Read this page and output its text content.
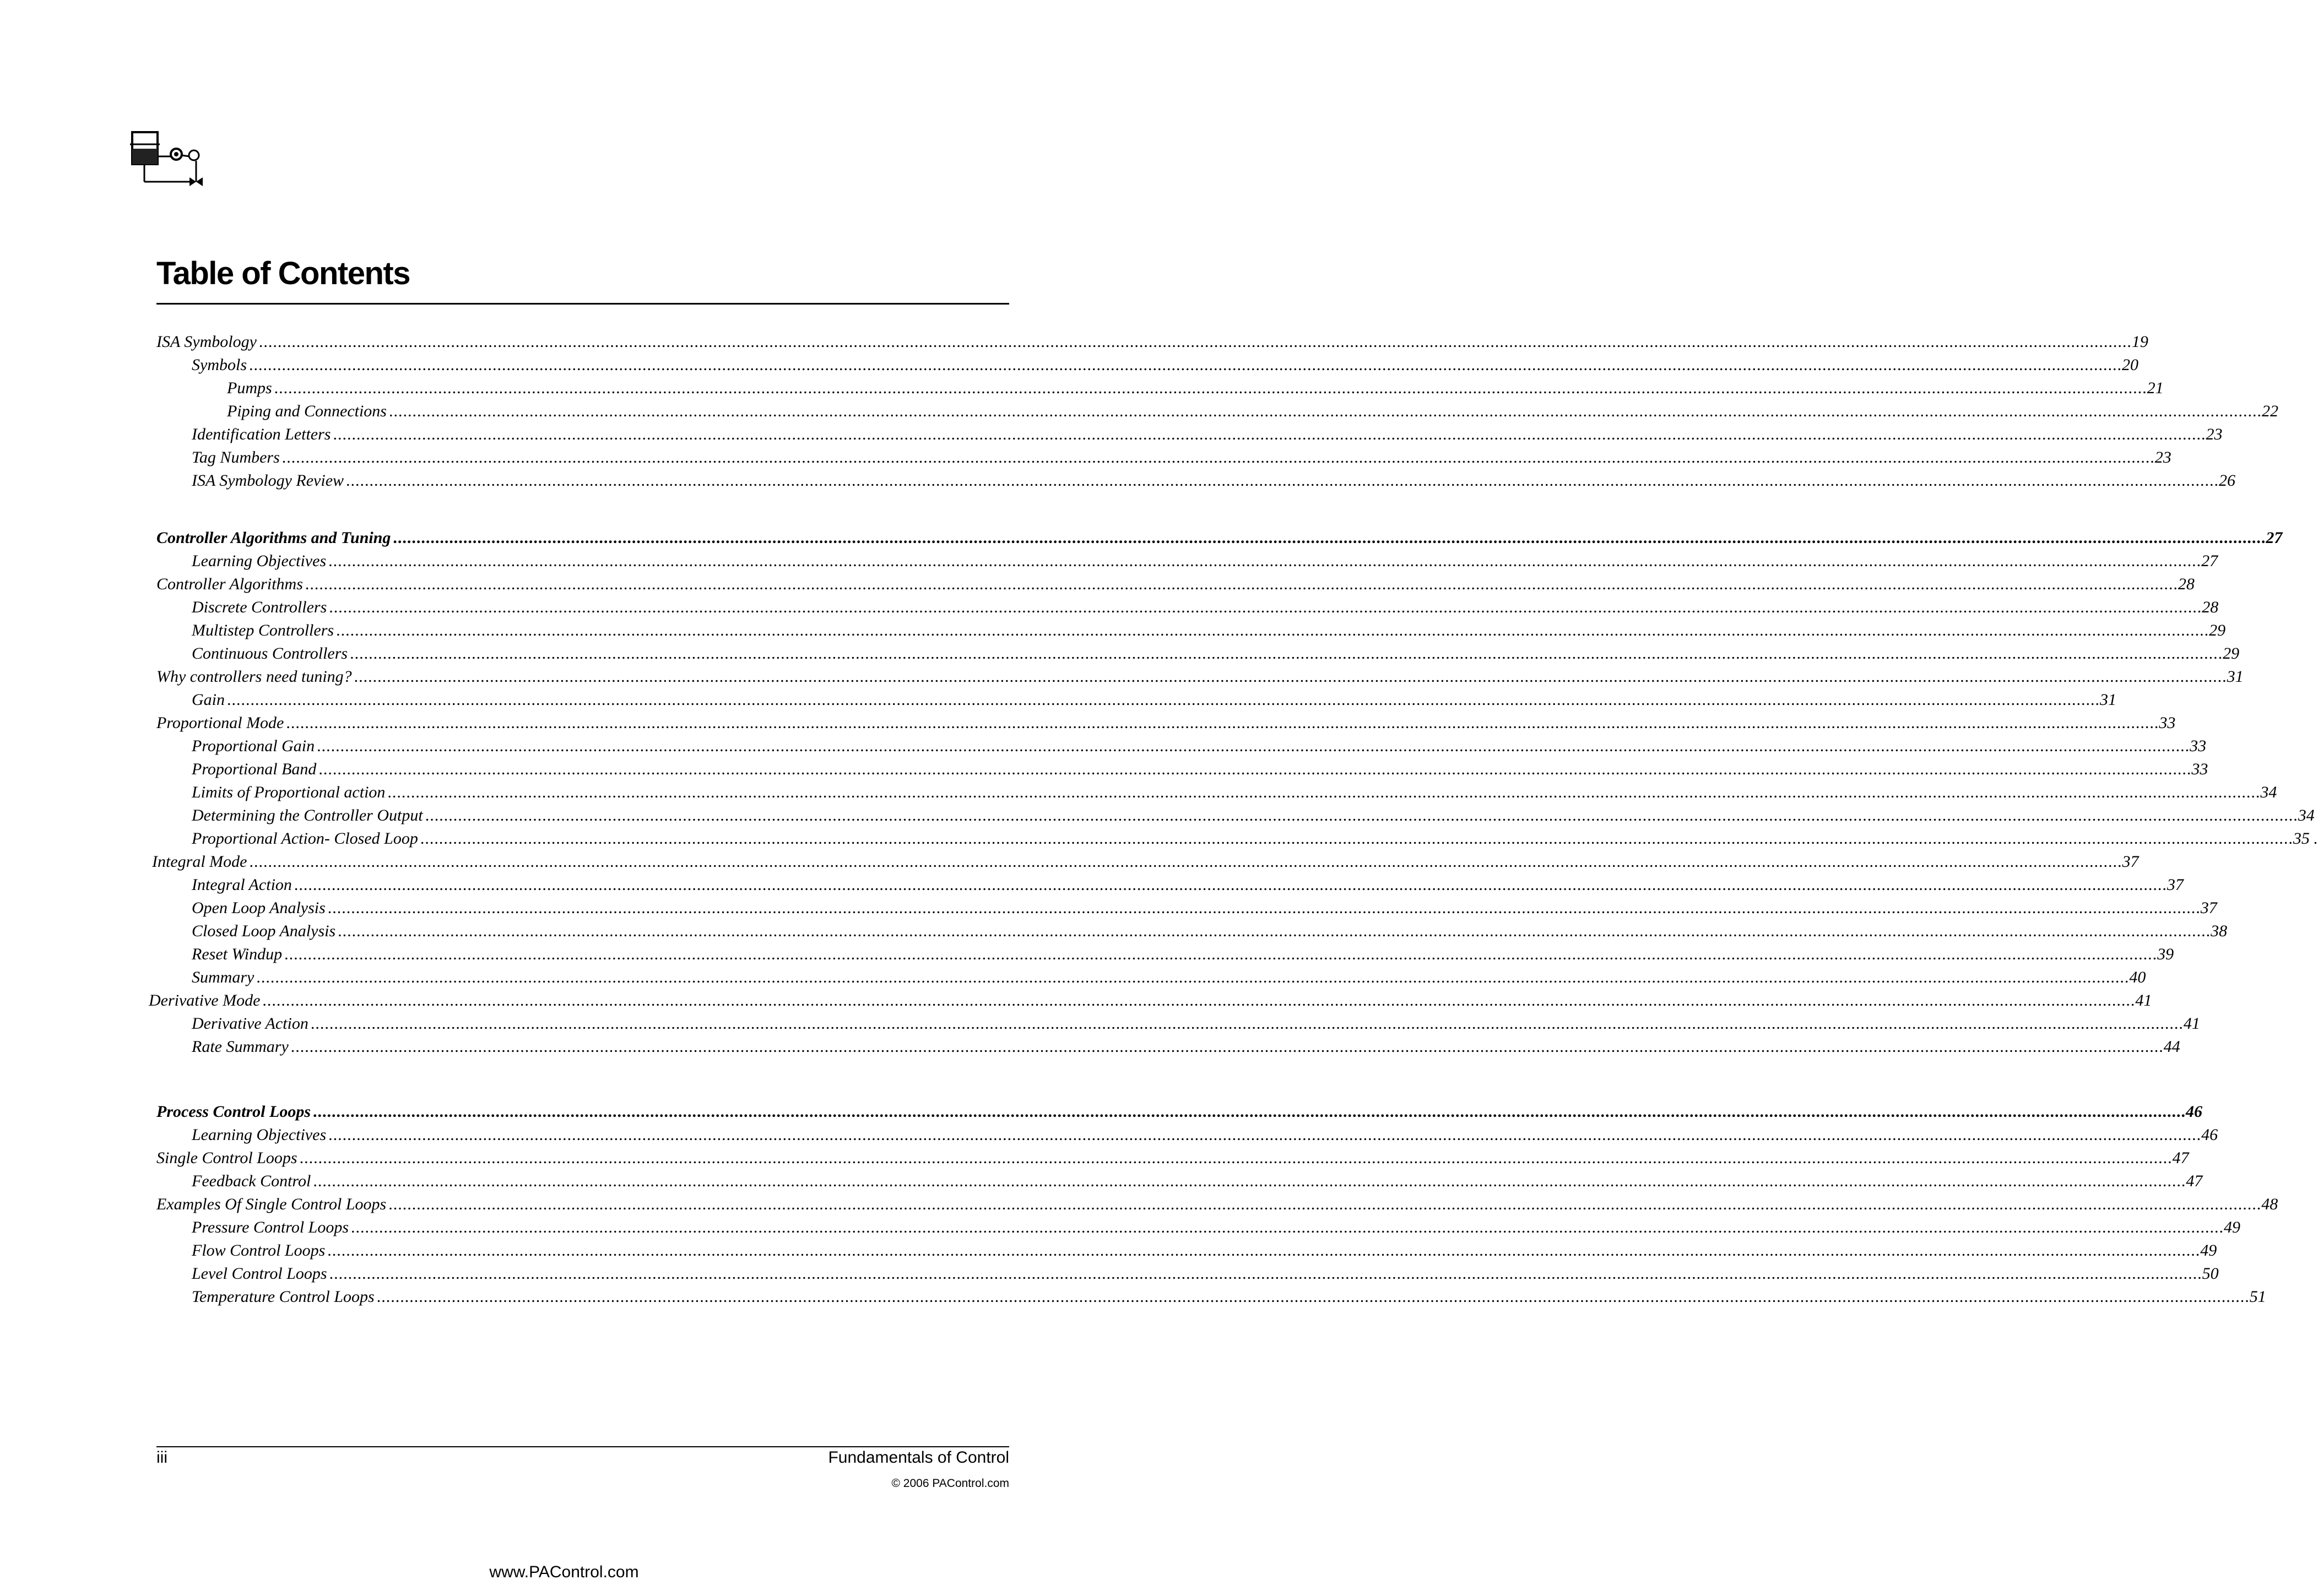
Table of Contents
ISA Symbology ................................................................................................................................................................................................................................................................................................................................................................................................................ 19
Symbols ................................................................................................................................................................................................................................................................................................................................................................................................................ 20
Pumps ................................................................................................................................................................................................................................................................................................................................................................................................................ 21
Piping and Connections ................................................................................................................................................................................................................................................................................................................................................................................................................ 22
Identification Letters ................................................................................................................................................................................................................................................................................................................................................................................................................ 23
Tag Numbers ................................................................................................................................................................................................................................................................................................................................................................................................................ 23
ISA Symbology Review ................................................................................................................................................................................................................................................................................................................................................................................................................ 26
Controller Algorithms and Tuning ................................................................................................................................................................................................................................................................................................................................................................................................................ 27
Learning Objectives ................................................................................................................................................................................................................................................................................................................................................................................................................ 27
Controller Algorithms ................................................................................................................................................................................................................................................................................................................................................................................................................ 28
Discrete Controllers ................................................................................................................................................................................................................................................................................................................................................................................................................ 28
Multistep Controllers ................................................................................................................................................................................................................................................................................................................................................................................................................ 29
Continuous Controllers ................................................................................................................................................................................................................................................................................................................................................................................................................ 29
Why controllers need tuning? ................................................................................................................................................................................................................................................................................................................................................................................................................ 31
Gain ................................................................................................................................................................................................................................................................................................................................................................................................................ 31
Proportional Mode ................................................................................................................................................................................................................................................................................................................................................................................................................ 33
Proportional Gain ................................................................................................................................................................................................................................................................................................................................................................................................................ 33
Proportional Band ................................................................................................................................................................................................................................................................................................................................................................................................................ 33
Limits of Proportional action ................................................................................................................................................................................................................................................................................................................................................................................................................ 34
Determining the Controller Output ................................................................................................................................................................................................................................................................................................................................................................................................................ 34
Proportional Action- Closed Loop ................................................................................................................................................................................................................................................................................................................................................................................................................ 35 .
Integral Mode ................................................................................................................................................................................................................................................................................................................................................................................................................ 37
Integral Action ................................................................................................................................................................................................................................................................................................................................................................................................................ 37
Open Loop Analysis ................................................................................................................................................................................................................................................................................................................................................................................................................ 37
Closed Loop Analysis ................................................................................................................................................................................................................................................................................................................................................................................................................ 38
Reset Windup ................................................................................................................................................................................................................................................................................................................................................................................................................ 39
Summary ................................................................................................................................................................................................................................................................................................................................................................................................................ 40
Derivative Mode ................................................................................................................................................................................................................................................................................................................................................................................................................ 41
Derivative Action ................................................................................................................................................................................................................................................................................................................................................................................................................ 41
Rate Summary ................................................................................................................................................................................................................................................................................................................................................................................................................ 44
Process Control Loops ................................................................................................................................................................................................................................................................................................................................................................................................................ 46
Learning Objectives ................................................................................................................................................................................................................................................................................................................................................................................................................ 46
Single Control Loops ................................................................................................................................................................................................................................................................................................................................................................................................................ 47
Feedback Control ................................................................................................................................................................................................................................................................................................................................................................................................................ 47
Examples Of Single Control Loops ................................................................................................................................................................................................................................................................................................................................................................................................................ 48
Pressure Control Loops ................................................................................................................................................................................................................................................................................................................................................................................................................ 49
Flow Control Loops ................................................................................................................................................................................................................................................................................................................................................................................................................ 49
Level Control Loops ................................................................................................................................................................................................................................................................................................................................................................................................................ 50
Temperature Control Loops ................................................................................................................................................................................................................................................................................................................................................................................................................ 51
iii	Fundamentals of Control
© 2006 PAControl.com
www.PAControl.com
